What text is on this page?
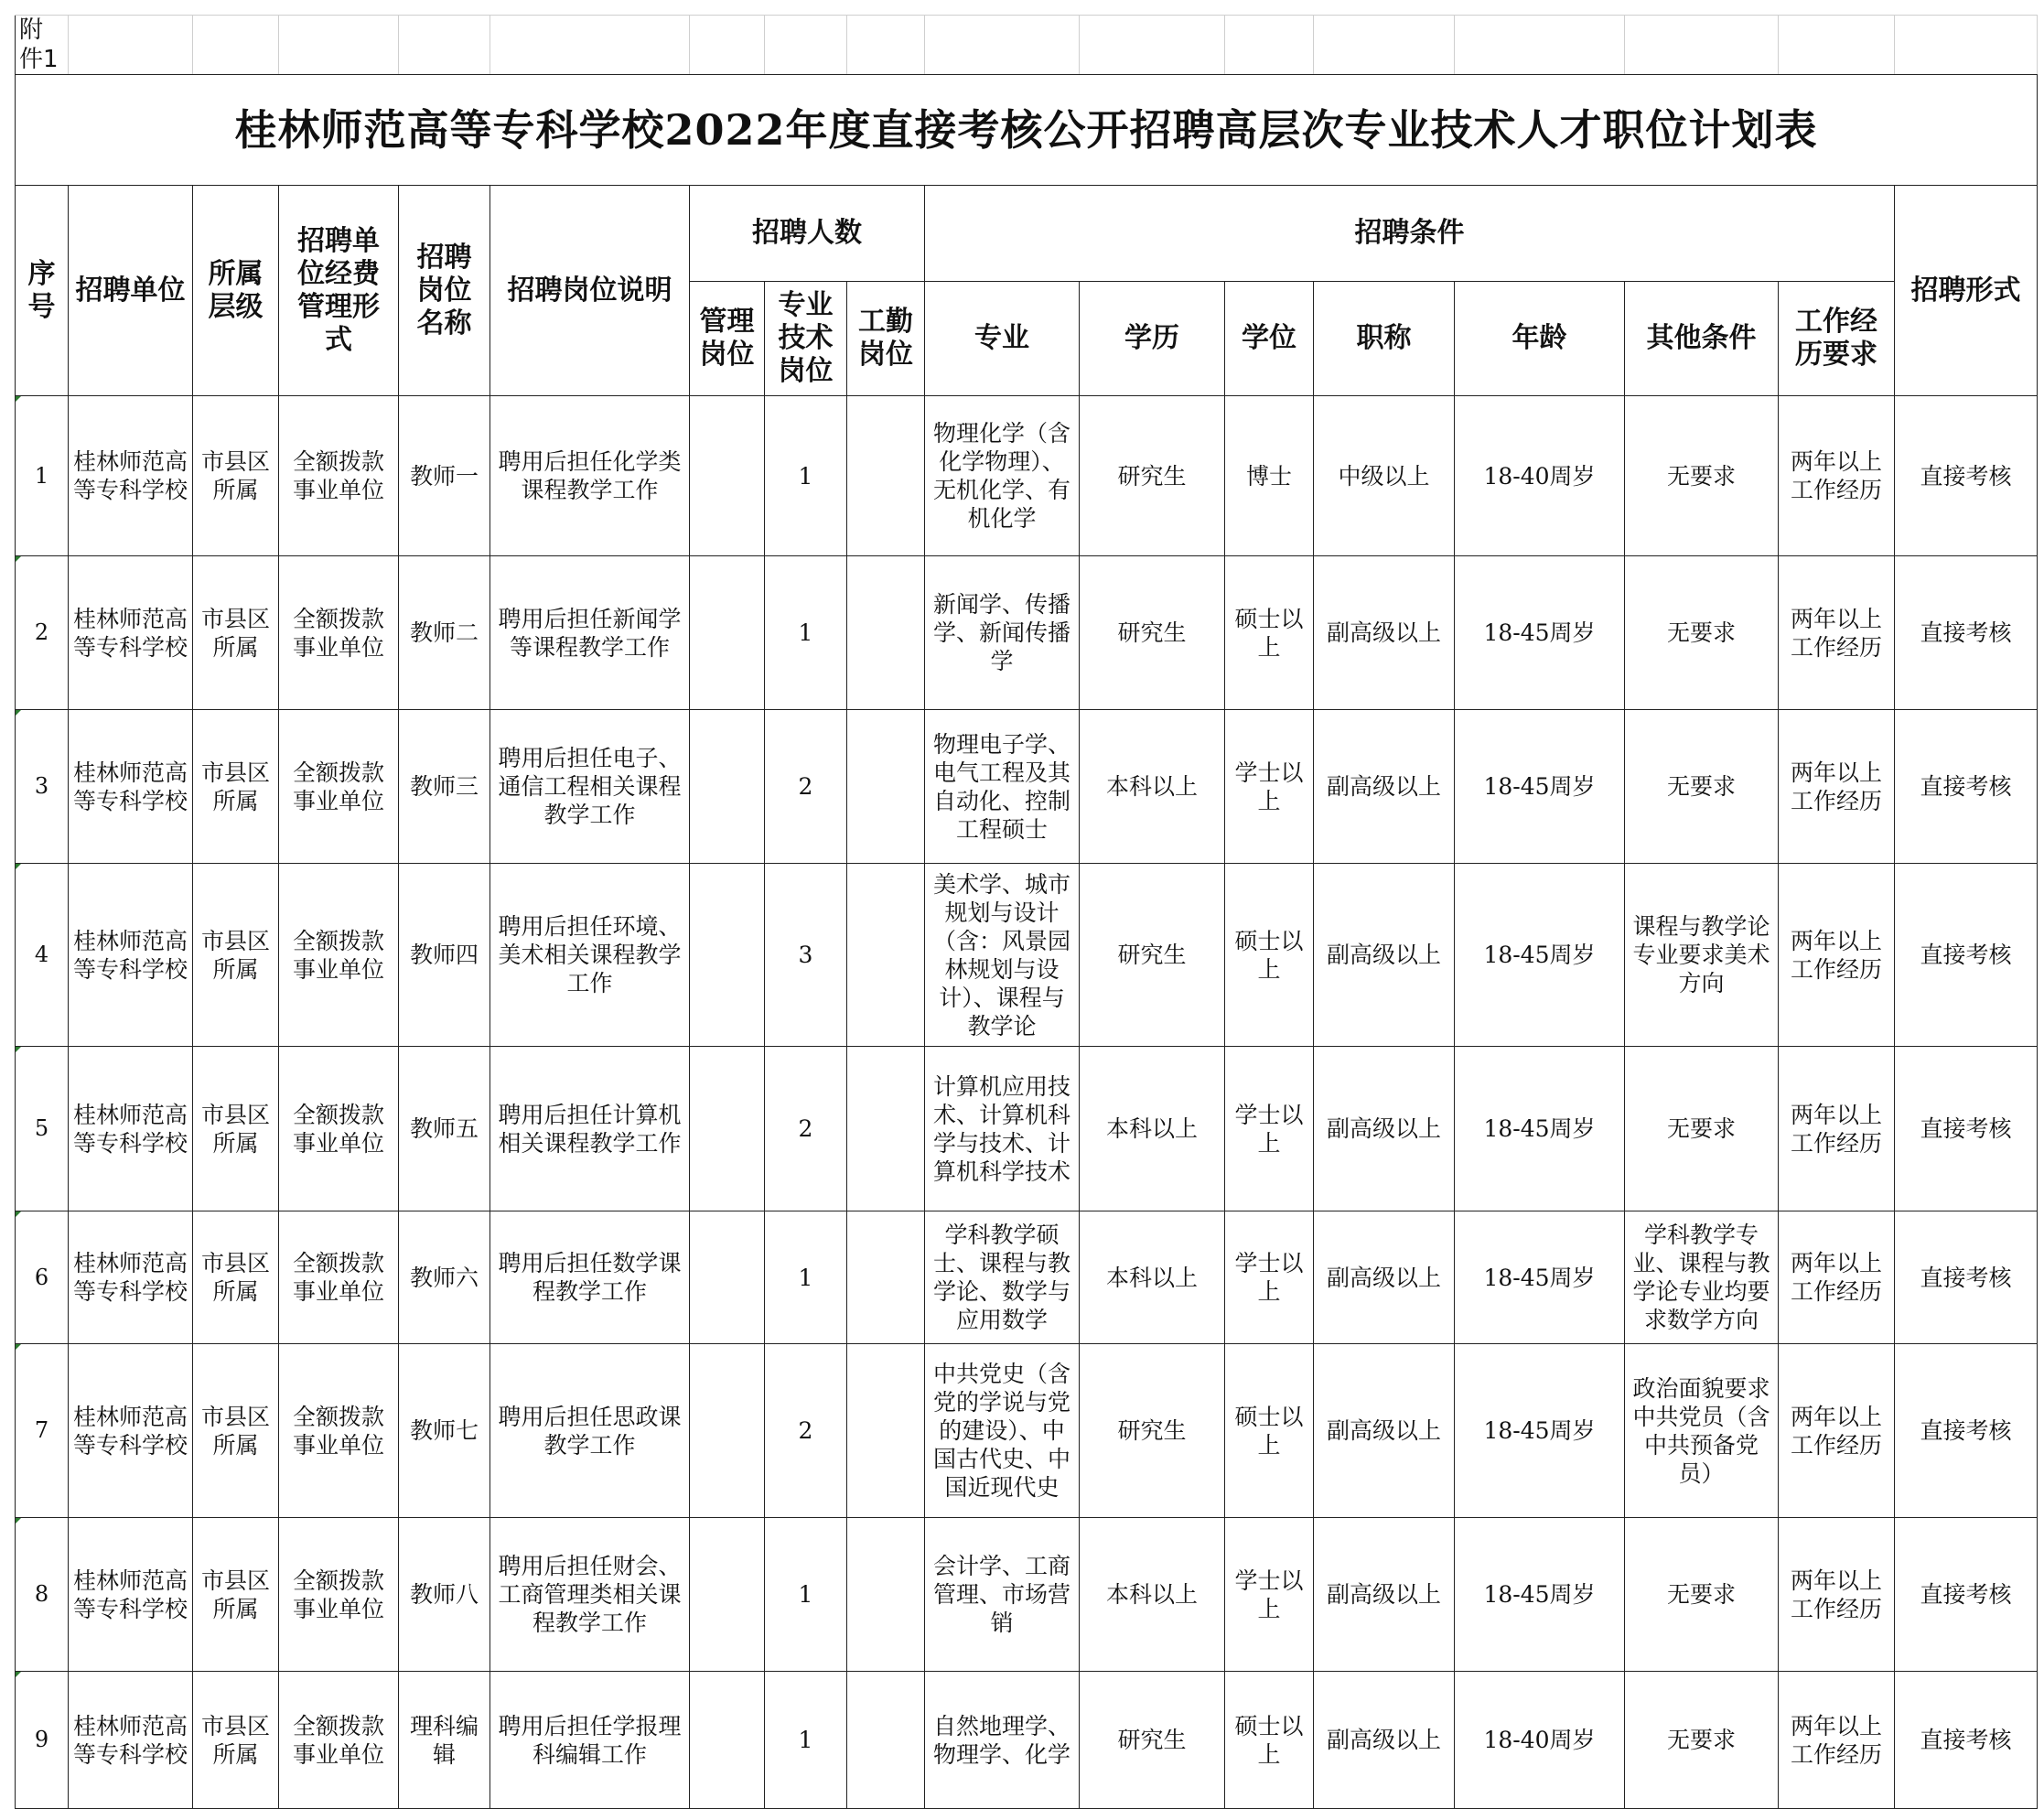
附件1																
桂林师范高等专科学校2022年度直接考核公开招聘高层次专业技术人才职位计划表																
序号	招聘单位	所属层级	招聘单位经费管理形式	招聘岗位名称	招聘岗位说明	招聘人数			招聘条件							招聘形式
						管理岗位	专业技术岗位	工勤岗位	专业	学历	学位	职称	年龄	其他条件	工作经历要求	
1	桂林师范高等专科学校	市县区所属	全额拨款事业单位	教师一	聘用后担任化学类课程教学工作		1		物理化学（含化学物理）、无机化学、有机化学	研究生	博士	中级以上	18-40周岁	无要求	两年以上工作经历	直接考核
2	桂林师范高等专科学校	市县区所属	全额拨款事业单位	教师二	聘用后担任新闻学等课程教学工作		1		新闻学、传播学、新闻传播学	研究生	硕士以上	副高级以上	18-45周岁	无要求	两年以上工作经历	直接考核
3	桂林师范高等专科学校	市县区所属	全额拨款事业单位	教师三	聘用后担任电子、通信工程相关课程教学工作		2		物理电子学、电气工程及其自动化、控制工程硕士	本科以上	学士以上	副高级以上	18-45周岁	无要求	两年以上工作经历	直接考核
4	桂林师范高等专科学校	市县区所属	全额拨款事业单位	教师四	聘用后担任环境、美术相关课程教学工作		3		美术学、城市规划与设计（含：风景园林规划与设计）、课程与教学论	研究生	硕士以上	副高级以上	18-45周岁	课程与教学论专业要求美术方向	两年以上工作经历	直接考核
5	桂林师范高等专科学校	市县区所属	全额拨款事业单位	教师五	聘用后担任计算机相关课程教学工作		2		计算机应用技术、计算机科学与技术、计算机科学技术	本科以上	学士以上	副高级以上	18-45周岁	无要求	两年以上工作经历	直接考核
6	桂林师范高等专科学校	市县区所属	全额拨款事业单位	教师六	聘用后担任数学课程教学工作		1		学科教学硕士、课程与教学论、数学与应用数学	本科以上	学士以上	副高级以上	18-45周岁	学科教学专业、课程与教学论专业均要求数学方向	两年以上工作经历	直接考核
7	桂林师范高等专科学校	市县区所属	全额拨款事业单位	教师七	聘用后担任思政课教学工作		2		中共党史（含党的学说与党的建设）、中国古代史、中国近现代史	研究生	硕士以上	副高级以上	18-45周岁	政治面貌要求中共党员（含中共预备党员）	两年以上工作经历	直接考核
8	桂林师范高等专科学校	市县区所属	全额拨款事业单位	教师八	聘用后担任财会、工商管理类相关课程教学工作		1		会计学、工商管理、市场营销	本科以上	学士以上	副高级以上	18-45周岁	无要求	两年以上工作经历	直接考核
9	桂林师范高等专科学校	市县区所属	全额拨款事业单位	理科编辑	聘用后担任学报理科编辑工作		1		自然地理学、物理学、化学	研究生	硕士以上	副高级以上	18-40周岁	无要求	两年以上工作经历	直接考核
